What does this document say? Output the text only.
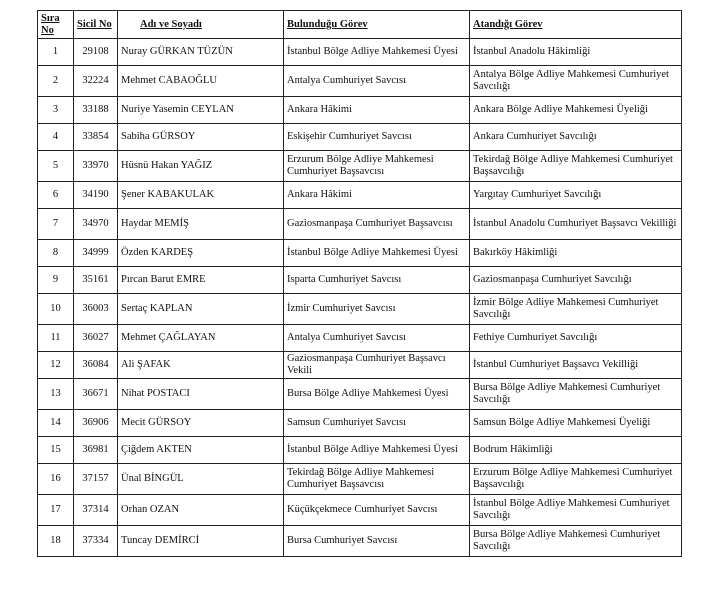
Sıra No	Sicil No	Adı ve Soyadı	Bulunduğu Görev	Atandığı Görev
1	29108	Nuray GÜRKAN TÜZÜN	İstanbul Bölge Adliye Mahkemesi Üyesi	İstanbul Anadolu Hâkimliği
2	32224	Mehmet CABAOĞLU	Antalya Cumhuriyet Savcısı	Antalya Bölge Adliye Mahkemesi Cumhuriyet Savcılığı
3	33188	Nuriye Yasemin CEYLAN	Ankara Hâkimi	Ankara Bölge Adliye Mahkemesi Üyeliği
4	33854	Sabiha GÜRSOY	Eskişehir Cumhuriyet Savcısı	Ankara Cumhuriyet Savcılığı
5	33970	Hüsnü Hakan YAĞIZ	Erzurum Bölge Adliye Mahkemesi Cumhuriyet Başsavcısı	Tekirdağ Bölge Adliye Mahkemesi Cumhuriyet Başsavcılığı
6	34190	Şener KABAKULAK	Ankara Hâkimi	Yargıtay Cumhuriyet Savcılığı
7	34970	Haydar MEMİŞ	Gaziosmanpaşa Cumhuriyet Başsavcısı	İstanbul Anadolu Cumhuriyet Başsavcı Vekilliği
8	34999	Özden KARDEŞ	İstanbul Bölge Adliye Mahkemesi Üyesi	Bakırköy Hâkimliği
9	35161	Pırcan Barut EMRE	Isparta Cumhuriyet Savcısı	Gaziosmanpaşa Cumhuriyet Savcılığı
10	36003	Sertaç KAPLAN	İzmir Cumhuriyet Savcısı	İzmir Bölge Adliye Mahkemesi Cumhuriyet Savcılığı
11	36027	Mehmet ÇAĞLAYAN	Antalya Cumhuriyet Savcısı	Fethiye Cumhuriyet Savcılığı
12	36084	Ali ŞAFAK	Gaziosmanpaşa Cumhuriyet Başsavcı Vekili	İstanbul Cumhuriyet Başsavcı Vekilliği
13	36671	Nihat POSTACI	Bursa Bölge Adliye Mahkemesi Üyesi	Bursa Bölge Adliye Mahkemesi Cumhuriyet Savcılığı
14	36906	Mecit GÜRSOY	Samsun Cumhuriyet Savcısı	Samsun Bölge Adliye Mahkemesi Üyeliği
15	36981	Çiğdem AKTEN	İstanbul Bölge Adliye Mahkemesi Üyesi	Bodrum Hâkimliği
16	37157	Ünal BİNGÜL	Tekirdağ Bölge Adliye Mahkemesi Cumhuriyet Başsavcısı	Erzurum Bölge Adliye Mahkemesi Cumhuriyet Başsavcılığı
17	37314	Orhan OZAN	Küçükçekmece Cumhuriyet Savcısı	İstanbul Bölge Adliye Mahkemesi Cumhuriyet Savcılığı
18	37334	Tuncay DEMİRCİ	Bursa Cumhuriyet Savcısı	Bursa Bölge Adliye Mahkemesi Cumhuriyet Savcılığı
